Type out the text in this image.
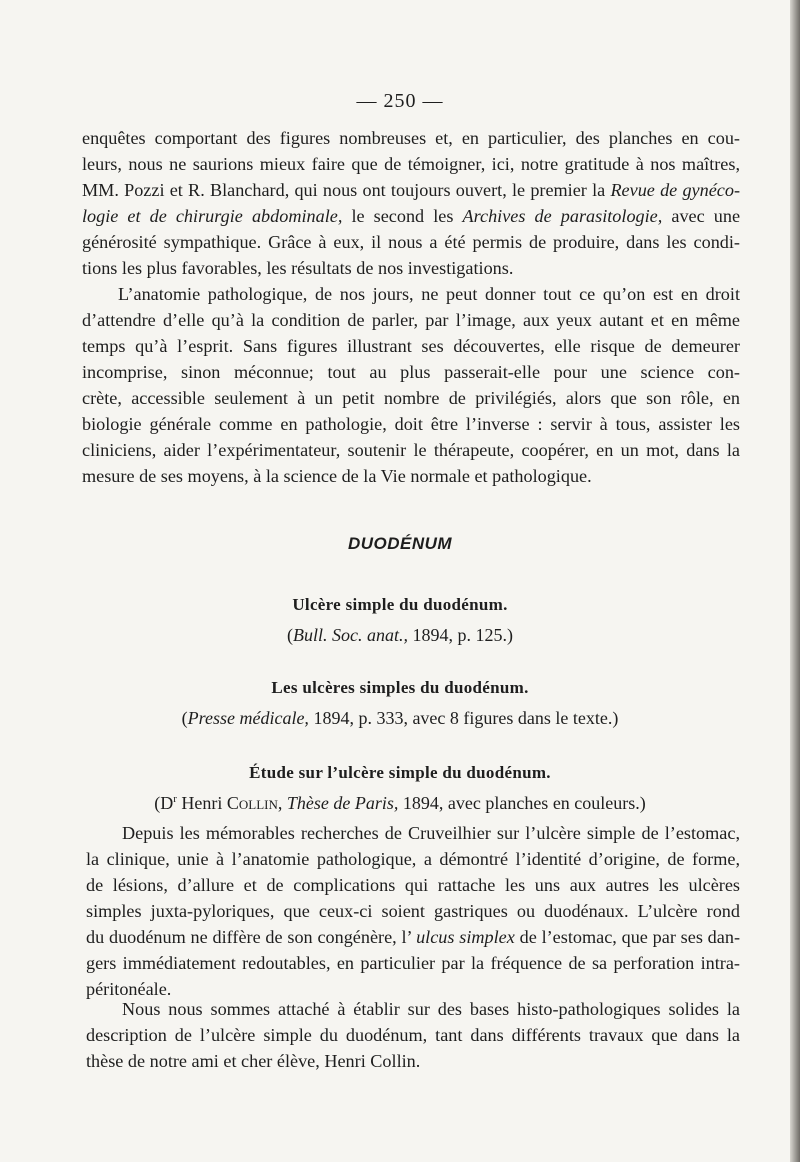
— 250 —
enquêtes comportant des figures nombreuses et, en particulier, des planches en cou-
leurs, nous ne saurions mieux faire que de témoigner, ici, notre gratitude à nos maîtres,
MM. Pozzi et R. Blanchard, qui nous ont toujours ouvert, le premier la Revue de gynéco-
logie et de chirurgie abdominale, le second les Archives de parasitologie, avec une
générosité sympathique. Grâce à eux, il nous a été permis de produire, dans les condi-
tions les plus favorables, les résultats de nos investigations.
L’anatomie pathologique, de nos jours, ne peut donner tout ce qu’on est en droit
d’attendre d’elle qu’à la condition de parler, par l’image, aux yeux autant et en même
temps qu’à l’esprit. Sans figures illustrant ses découvertes, elle risque de demeurer
incomprise, sinon méconnue; tout au plus passerait-elle pour une science con-
crète, accessible seulement à un petit nombre de privilégiés, alors que son rôle, en
biologie générale comme en pathologie, doit être l’inverse : servir à tous, assister les
cliniciens, aider l’expérimentateur, soutenir le thérapeute, coopérer, en un mot, dans la
mesure de ses moyens, à la science de la Vie normale et pathologique.
DUODÉNUM
Ulcère simple du duodénum.
(Bull. Soc. anat., 1894, p. 125.)
Les ulcères simples du duodénum.
(Presse médicale, 1894, p. 333, avec 8 figures dans le texte.)
Étude sur l’ulcère simple du duodénum.
($D^r$ Henri Collin, Thèse de Paris, 1894, avec planches en couleurs.)
Depuis les mémorables recherches de Cruveilhier sur l’ulcère simple de l’estomac,
la clinique, unie à l’anatomie pathologique, a démontré l’identité d’origine, de forme,
de lésions, d’allure et de complications qui rattache les uns aux autres les ulcères
simples juxta-pyloriques, que ceux-ci soient gastriques ou duodénaux. L’ulcère rond
du duodénum ne diffère de son congénère, l’ ulcus simplex de l’estomac, que par ses dan-
gers immédiatement redoutables, en particulier par la fréquence de sa perforation intra-
péritonéale.
Nous nous sommes attaché à établir sur des bases histo-pathologiques solides la
description de l’ulcère simple du duodénum, tant dans différents travaux que dans la
thèse de notre ami et cher élève, Henri Collin.
